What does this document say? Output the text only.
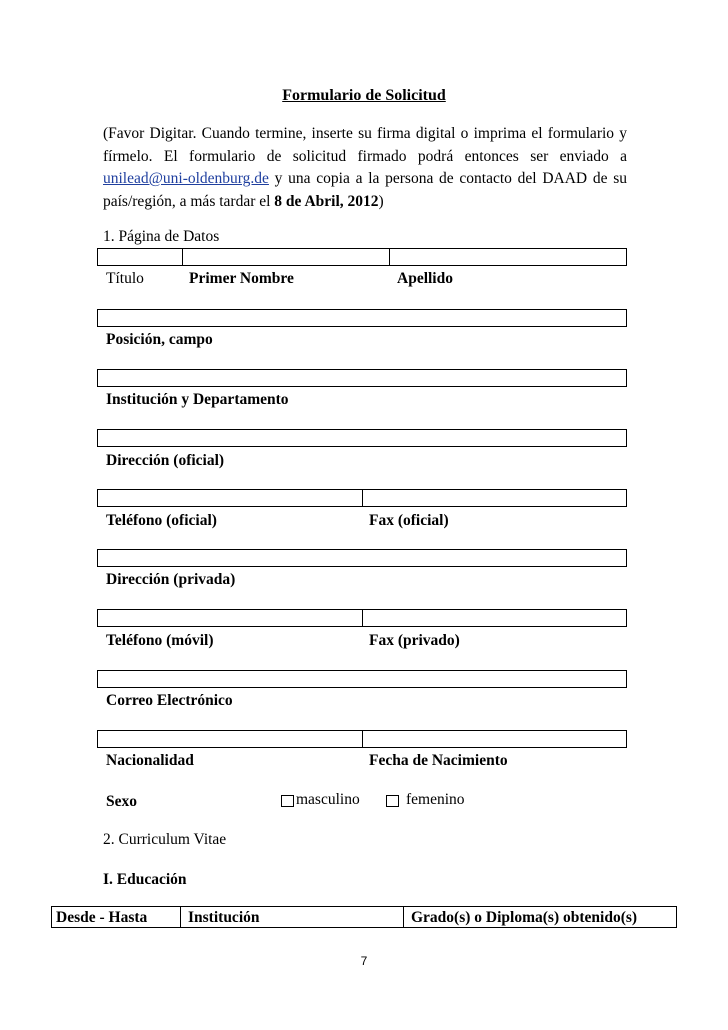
Formulario de Solicitud
(Favor Digitar. Cuando termine, inserte su firma digital o imprima el formulario y fírmelo. El formulario de solicitud firmado podrá entonces ser enviado a unilead@uni-oldenburg.de y una copia a la persona de contacto del DAAD de su país/región, a más tardar el 8 de Abril, 2012)
1. Página de Datos
Título	Primer Nombre	Apellido
Posición, campo
Institución y Departamento
Dirección (oficial)
Teléfono (oficial)	Fax (oficial)
Dirección (privada)
Teléfono (móvil)	Fax (privado)
Correo Electrónico
Nacionalidad	Fecha de Nacimiento
Sexo	masculino	femenino
2. Curriculum Vitae
I. Educación
Desde - Hasta	Institución	Grado(s) o Diploma(s) obtenido(s)
7
